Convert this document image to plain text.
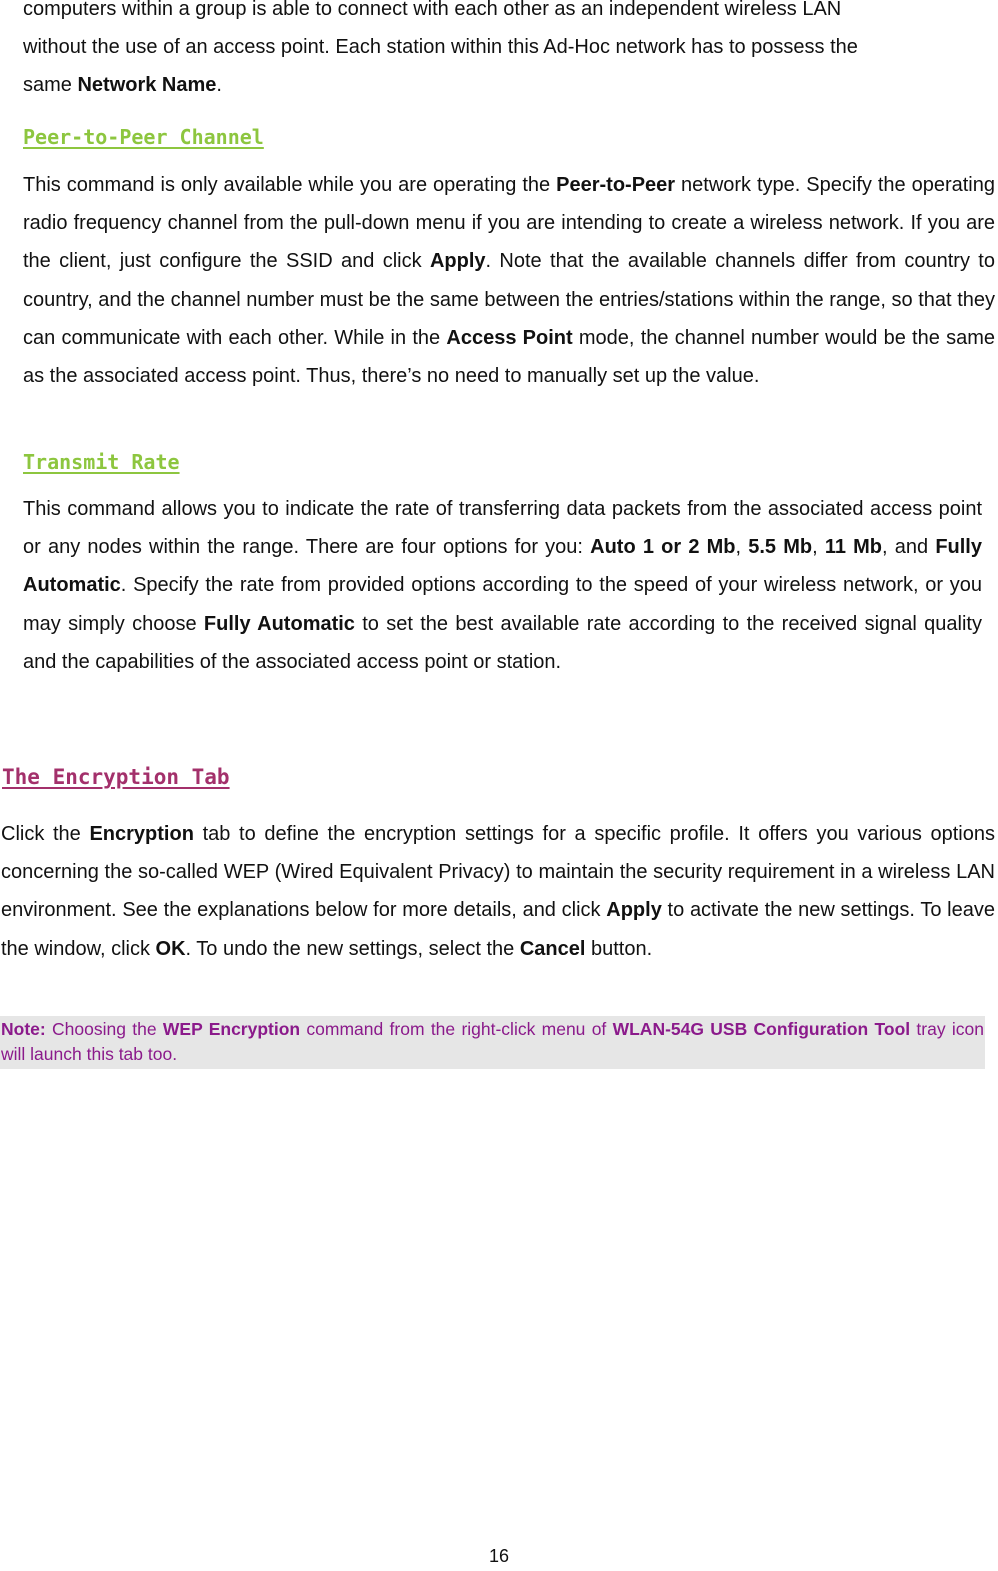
computers within a group is able to connect with each other as an independent wireless LAN

without the use of an access point. Each station within this Ad-Hoc network has to possess the

same Network Name.

Peer-to-Peer Channel

This command is only available while you are operating the Peer-to-Peer network type. Specify the operating radio frequency channel from the pull-down menu if you are intending to create a wireless network. If you are the client, just configure the SSID and click Apply. Note that the available channels differ from country to country, and the channel number must be the same between the entries/stations within the range, so that they can communicate with each other. While in the Access Point mode, the channel number would be the same as the associated access point. Thus, there’s no need to manually set up the value.

Transmit Rate

This command allows you to indicate the rate of transferring data packets from the associated access point or any nodes within the range. There are four options for you: Auto 1 or 2 Mb, 5.5 Mb, 11 Mb, and Fully Automatic. Specify the rate from provided options according to the speed of your wireless network, or you may simply choose Fully Automatic to set the best available rate according to the received signal quality and the capabilities of the associated access point or station.

The Encryption Tab

Click the Encryption tab to define the encryption settings for a specific profile. It offers you various options concerning the so-called WEP (Wired Equivalent Privacy) to maintain the security requirement in a wireless LAN environment. See the explanations below for more details, and click Apply to activate the new settings. To leave the window, click OK. To undo the new settings, select the Cancel button.

Note: Choosing the WEP Encryption command from the right-click menu of WLAN-54G USB Configuration Tool tray icon will launch this tab too.

16
